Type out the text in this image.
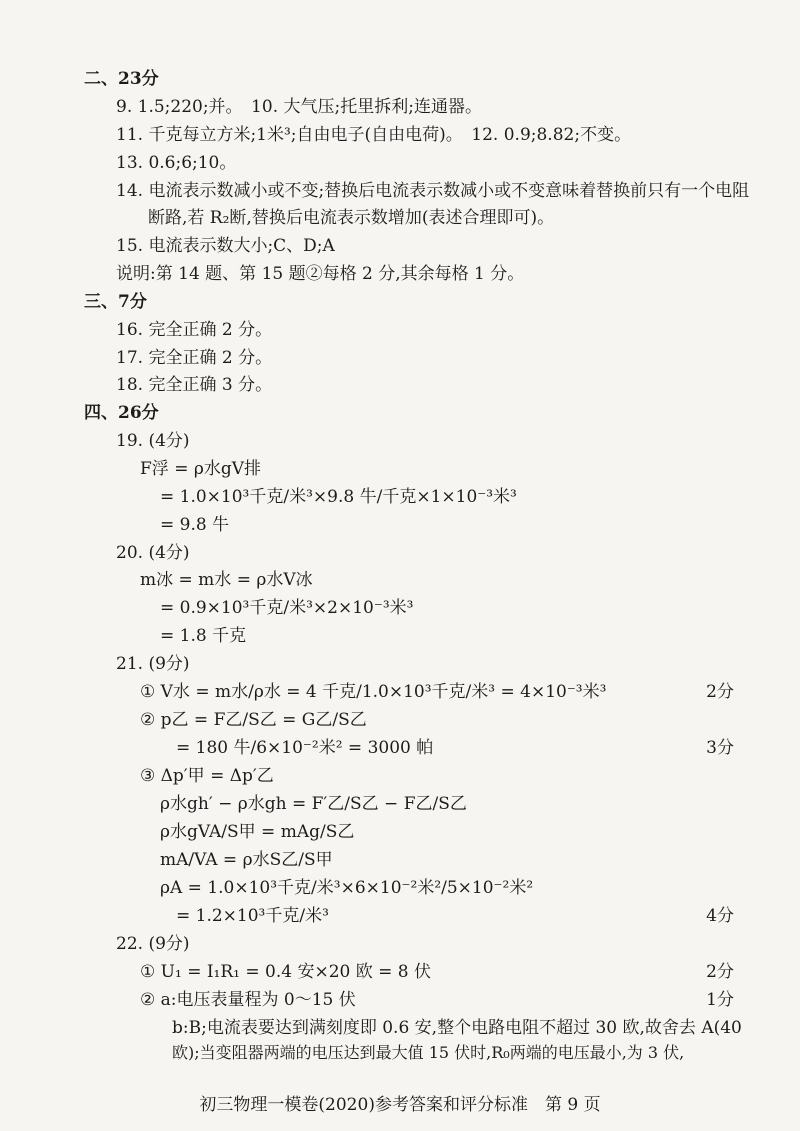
二、23分
9. 1.5;220;并。　10. 大气压;托里拆利;连通器。
11. 千克每立方米;1米³;自由电子(自由电荷)。　12. 0.9;8.82;不变。
13. 0.6;6;10。
14. 电流表示数减小或不变;替换后电流表示数减小或不变意味着替换前只有一个电阻
断路,若 R₂断,替换后电流表示数增加(表述合理即可)。
15. 电流表示数大小;C、D;A
说明:第 14 题、第 15 题②每格 2 分,其余每格 1 分。
三、7分
16. 完全正确 2 分。
17. 完全正确 2 分。
18. 完全正确 3 分。
四、26分
19. (4分)
F浮 = ρ水gV排
= 1.0×10³千克/米³×9.8 牛/千克×1×10⁻³米³
= 9.8 牛
20. (4分)
m冰 = m水 = ρ水V冰
= 0.9×10³千克/米³×2×10⁻³米³
= 1.8 千克
21. (9分)
① V水 = m水/ρ水 = 4 千克/1.0×10³千克/米³ = 4×10⁻³米³	2分
② p乙 = F乙/S乙 = G乙/S乙
= 180 牛/6×10⁻²米² = 3000 帕	3分
③ Δp′甲 = Δp′乙
ρ水gh′ − ρ水gh = F′乙/S乙 − F乙/S乙
ρ水gVA/S甲 = mAg/S乙
mA/VA = ρ水S乙/S甲
ρA = 1.0×10³千克/米³×6×10⁻²米²/5×10⁻²米²
= 1.2×10³千克/米³	4分
22. (9分)
① U₁ = I₁R₁ = 0.4 安×20 欧 = 8 伏	2分
② a:电压表量程为 0～15 伏	1分
b:B;电流表要达到满刻度即 0.6 安,整个电路电阻不超过 30 欧,故舍去 A(40
欧);当变阻器两端的电压达到最大值 15 伏时,R₀两端的电压最小,为 3 伏,
初三物理一模卷(2020)参考答案和评分标准　第 9 页
